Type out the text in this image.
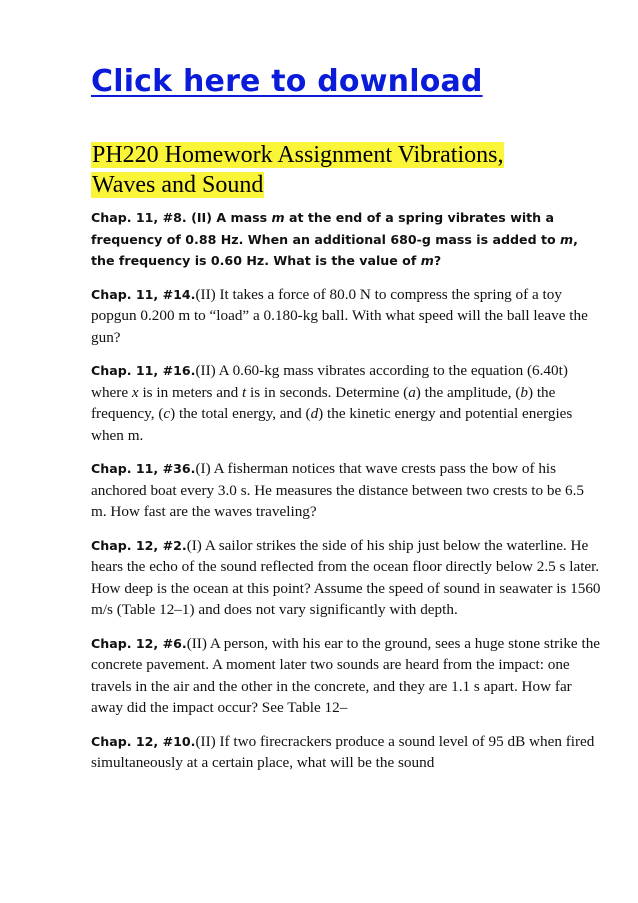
Click here to download
PH220 Homework Assignment Vibrations,
Waves and Sound

Chap. 11, #8. (II) A mass m at the end of a spring vibrates with a frequency of 0.88 Hz. When an additional 680-g mass is added to m, the frequency is 0.60 Hz. What is the value of m?

Chap. 11, #14.(II) It takes a force of 80.0 N to compress the spring of a toy popgun 0.200 m to “load” a 0.180-kg ball. With what speed will the ball leave the gun?

Chap. 11, #16.(II) A 0.60-kg mass vibrates according to the equation (6.40t) where x is in meters and t is in seconds. Determine (a) the amplitude, (b) the frequency, (c) the total energy, and (d) the kinetic energy and potential energies when m.

Chap. 11, #36.(I) A fisherman notices that wave crests pass the bow of his anchored boat every 3.0 s. He measures the distance between two crests to be 6.5 m. How fast are the waves traveling?

Chap. 12, #2.(I) A sailor strikes the side of his ship just below the waterline. He hears the echo of the sound reflected from the ocean floor directly below 2.5 s later. How deep is the ocean at this point? Assume the speed of sound in seawater is 1560 m/s (Table 12–1) and does not vary significantly with depth.

Chap. 12, #6.(II) A person, with his ear to the ground, sees a huge stone strike the concrete pavement. A moment later two sounds are heard from the impact: one travels in the air and the other in the concrete, and they are 1.1 s apart. How far away did the impact occur? See Table 12–

Chap. 12, #10.(II) If two firecrackers produce a sound level of 95 dB when fired simultaneously at a certain place, what will be the sound
